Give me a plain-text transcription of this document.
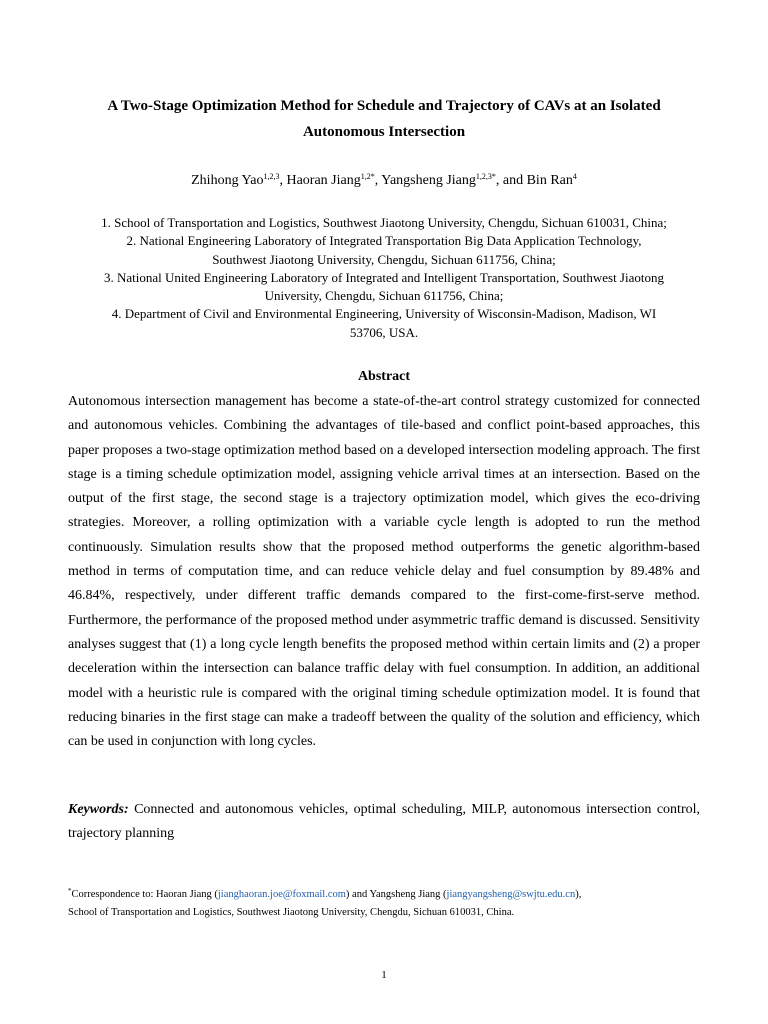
A Two-Stage Optimization Method for Schedule and Trajectory of CAVs at an Isolated
Autonomous Intersection
Zhihong Yao$^{1,2,3}$, Haoran Jiang$^{1,2*}$, Yangsheng Jiang$^{1,2,3*}$, and Bin Ran$^4$

1. School of Transportation and Logistics, Southwest Jiaotong University, Chengdu, Sichuan 610031, China;

2. National Engineering Laboratory of Integrated Transportation Big Data Application Technology,
Southwest Jiaotong University, Chengdu, Sichuan 611756, China;

3. National United Engineering Laboratory of Integrated and Intelligent Transportation, Southwest Jiaotong
University, Chengdu, Sichuan 611756, China;

4. Department of Civil and Environmental Engineering, University of Wisconsin-Madison, Madison, WI
53706, USA.

Abstract

Autonomous intersection management has become a state-of-the-art control strategy customized for connected and autonomous vehicles. Combining the advantages of tile-based and conflict point-based approaches, this paper proposes a two-stage optimization method based on a developed intersection modeling approach. The first stage is a timing schedule optimization model, assigning vehicle arrival times at an intersection. Based on the output of the first stage, the second stage is a trajectory optimization model, which gives the eco-driving strategies. Moreover, a rolling optimization with a variable cycle length is adopted to run the method continuously. Simulation results show that the proposed method outperforms the genetic algorithm-based method in terms of computation time, and can reduce vehicle delay and fuel consumption by 89.48% and 46.84%, respectively, under different traffic demands compared to the first-come-first-serve method. Furthermore, the performance of the proposed method under asymmetric traffic demand is discussed. Sensitivity analyses suggest that (1) a long cycle length benefits the proposed method within certain limits and (2) a proper deceleration within the intersection can balance traffic delay with fuel consumption. In addition, an additional model with a heuristic rule is compared with the original timing schedule optimization model. It is found that reducing binaries in the first stage can make a tradeoff between the quality of the solution and efficiency, which can be used in conjunction with long cycles.

Keywords: Connected and autonomous vehicles, optimal scheduling, MILP, autonomous intersection control, trajectory planning

*Correspondence to: Haoran Jiang (jianghaoran.joe@foxmail.com) and Yangsheng Jiang (jiangyangsheng@swjtu.edu.cn),
School of Transportation and Logistics, Southwest Jiaotong University, Chengdu, Sichuan 610031, China.

1
